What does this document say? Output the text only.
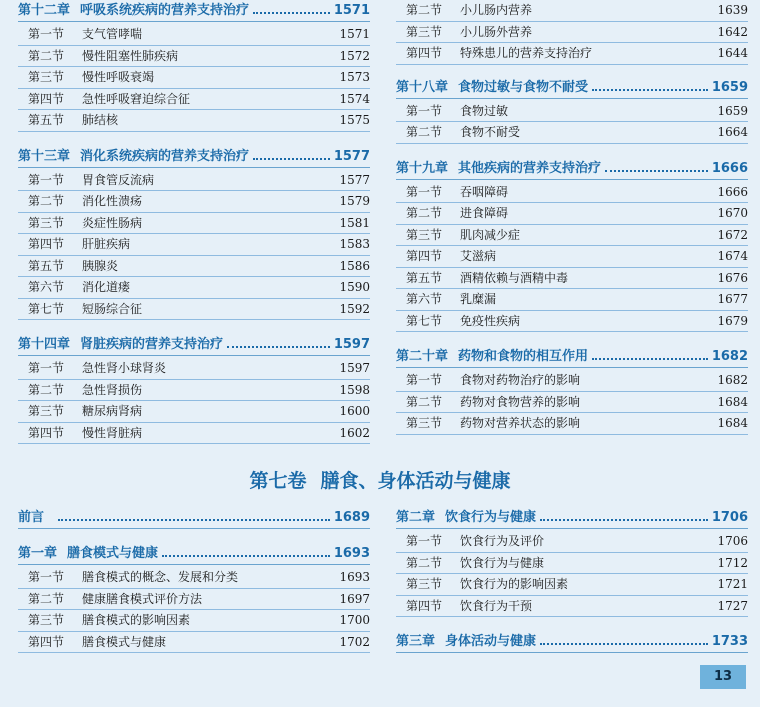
第十二章 呼吸系统疾病的营养支持治疗	1571
第一节	支气管哮喘	1571
第二节	慢性阻塞性肺疾病	1572
第三节	慢性呼吸衰竭	1573
第四节	急性呼吸窘迫综合征	1574
第五节	肺结核	1575
第十三章 消化系统疾病的营养支持治疗	1577
第一节	胃食管反流病	1577
第二节	消化性溃疡	1579
第三节	炎症性肠病	1581
第四节	肝脏疾病	1583
第五节	胰腺炎	1586
第六节	消化道瘘	1590
第七节	短肠综合征	1592
第十四章 肾脏疾病的营养支持治疗	1597
第一节	急性肾小球肾炎	1597
第二节	急性肾损伤	1598
第三节	糖尿病肾病	1600
第四节	慢性肾脏病	1602
第二节	小儿肠内营养	1639
第三节	小儿肠外营养	1642
第四节	特殊患儿的营养支持治疗	1644
第十八章 食物过敏与食物不耐受	1659
第一节	食物过敏	1659
第二节	食物不耐受	1664
第十九章 其他疾病的营养支持治疗	1666
第一节	吞咽障碍	1666
第二节	进食障碍	1670
第三节	肌肉减少症	1672
第四节	艾滋病	1674
第五节	酒精依赖与酒精中毒	1676
第六节	乳糜漏	1677
第七节	免疫性疾病	1679
第二十章 药物和食物的相互作用	1682
第一节	食物对药物治疗的影响	1682
第二节	药物对食物营养的影响	1684
第三节	药物对营养状态的影响	1684
第七卷 膳食、身体活动与健康
前言	1689
第一章 膳食模式与健康	1693
第一节	膳食模式的概念、发展和分类	1693
第二节	健康膳食模式评价方法	1697
第三节	膳食模式的影响因素	1700
第四节	膳食模式与健康	1702
第二章 饮食行为与健康	1706
第一节	饮食行为及评价	1706
第二节	饮食行为与健康	1712
第三节	饮食行为的影响因素	1721
第四节	饮食行为干预	1727
第三章 身体活动与健康	1733
13
